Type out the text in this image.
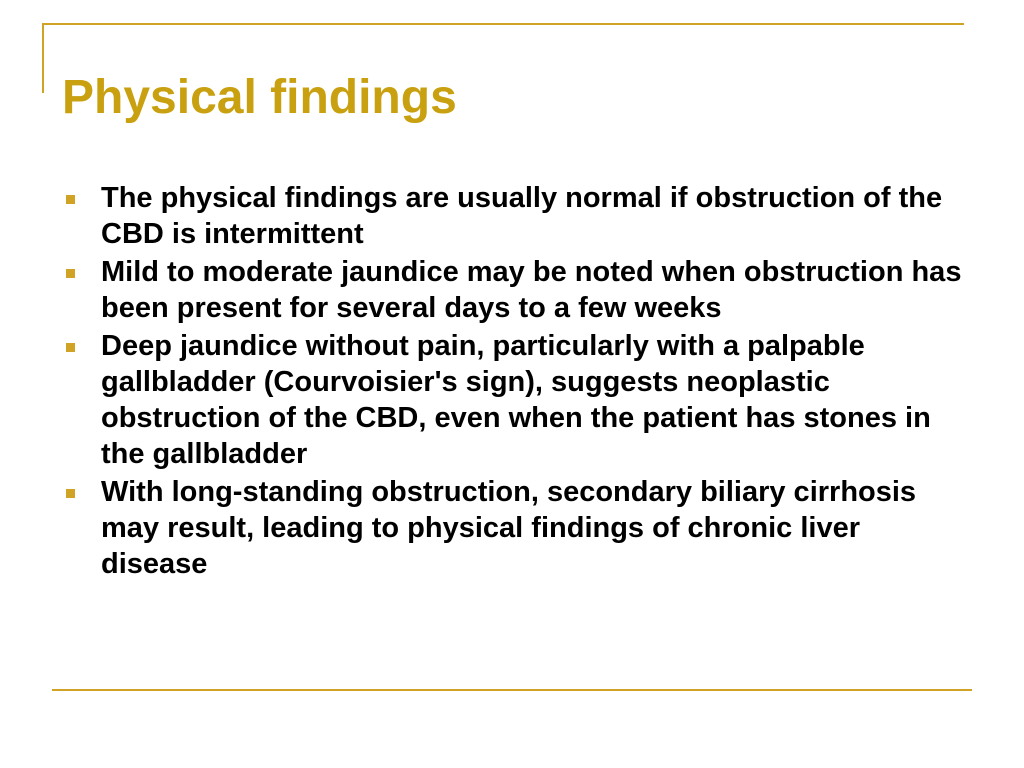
Physical findings
The physical findings are usually normal if obstruction of the CBD is intermittent
Mild to moderate jaundice may be noted when obstruction has been present for several days to a few weeks
Deep jaundice without pain, particularly with a palpable gallbladder (Courvoisier's sign), suggests neoplastic obstruction of the CBD, even when the patient has stones in the gallbladder
With long-standing obstruction, secondary biliary cirrhosis may result, leading to physical findings of chronic liver disease
